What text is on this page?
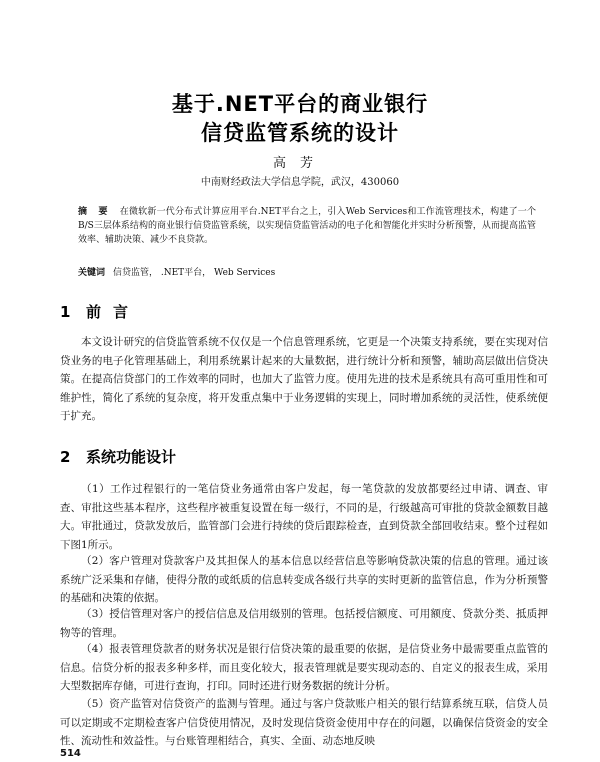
基于.NET平台的商业银行
信贷监管系统的设计
高芳
中南财经政法大学信息学院，武汉，430060
摘 要 在微软新一代分布式计算应用平台.NET平台之上，引入Web Services和工作流管理技术，构建了一个B/S三层体系结构的商业银行信贷监管系统，以实现信贷监管活动的电子化和智能化并实时分析预警，从而提高监管效率、辅助决策、减少不良贷款。
关键词 信贷监管， .NET平台， Web Services
1 前言

本文设计研究的信贷监管系统不仅仅是一个信息管理系统，它更是一个决策支持系统，要在实现对信贷业务的电子化管理基础上，利用系统累计起来的大量数据，进行统计分析和预警，辅助高层做出信贷决策。在提高信贷部门的工作效率的同时，也加大了监管力度。使用先进的技术是系统具有高可重用性和可维护性，简化了系统的复杂度，将开发重点集中于业务逻辑的实现上，同时增加系统的灵活性，使系统便于扩充。

2 系统功能设计

（1）工作过程银行的一笔信贷业务通常由客户发起，每一笔贷款的发放都要经过申请、调查、审查、审批这些基本程序，这些程序被重复设置在每一级行，不同的是，行级越高可审批的贷款金额数目越大。审批通过，贷款发放后，监管部门会进行持续的贷后跟踪检查，直到贷款全部回收结束。整个过程如下图1所示。

（2）客户管理对贷款客户及其担保人的基本信息以经营信息等影响贷款决策的信息的管理。通过该系统广泛采集和存储，使得分散的或纸质的信息转变成各级行共享的实时更新的监管信息，作为分析预警的基础和决策的依据。

（3）授信管理对客户的授信信息及信用级别的管理。包括授信额度、可用额度、贷款分类、抵质押物等的管理。

（4）报表管理贷款者的财务状况是银行信贷决策的最重要的依据，是信贷业务中最需要重点监管的信息。信贷分析的报表多种多样，而且变化较大，报表管理就是要实现动态的、自定义的报表生成，采用大型数据库存储，可进行查询，打印。同时还进行财务数据的统计分析。

（5）资产监管对信贷资产的监测与管理。通过与客户贷款账户相关的银行结算系统互联，信贷人员可以定期或不定期检查客户信贷使用情况，及时发现信贷资金使用中存在的问题，以确保信贷资金的安全性、流动性和效益性。与台账管理相结合，真实、全面、动态地反映

514
